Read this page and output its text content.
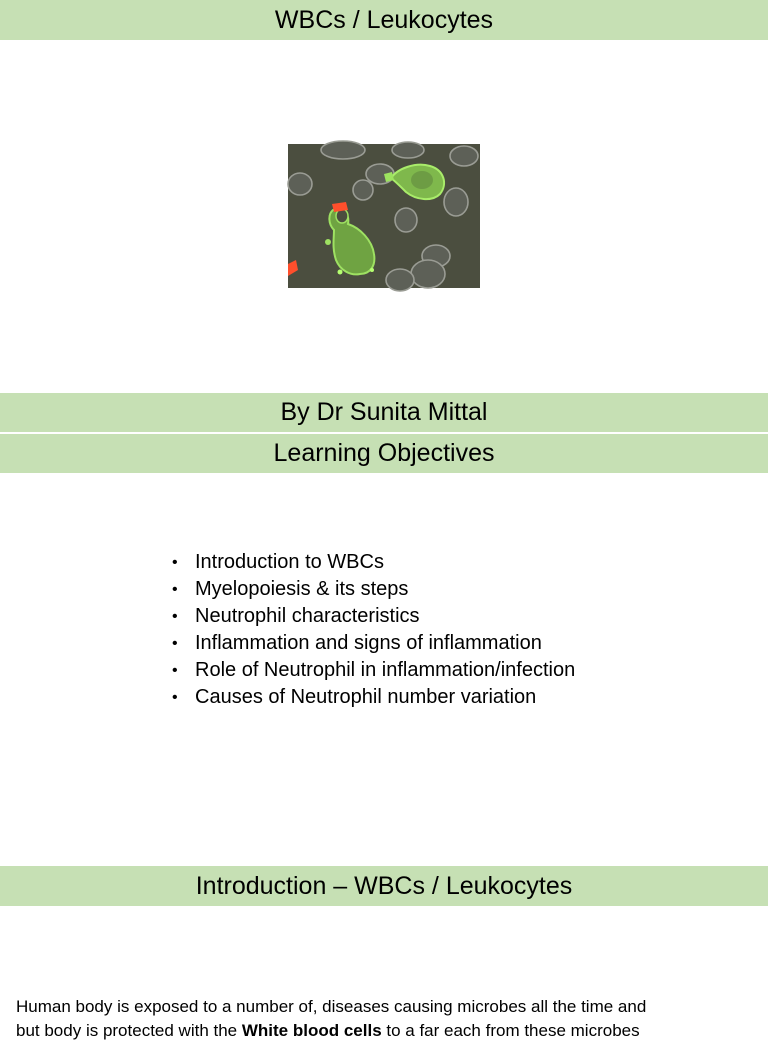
WBCs / Leukocytes
By Dr Sunita Mittal
Learning Objectives
• Introduction to WBCs
• Myelopoiesis & its steps
• Neutrophil characteristics
• Inflammation and signs of inflammation
• Role of Neutrophil in inflammation/infection
• Causes of Neutrophil number variation
Introduction – WBCs / Leukocytes

Human body is exposed to a number of, diseases causing microbes all the time and
but body is protected with the White blood cells to a far each from these microbes
